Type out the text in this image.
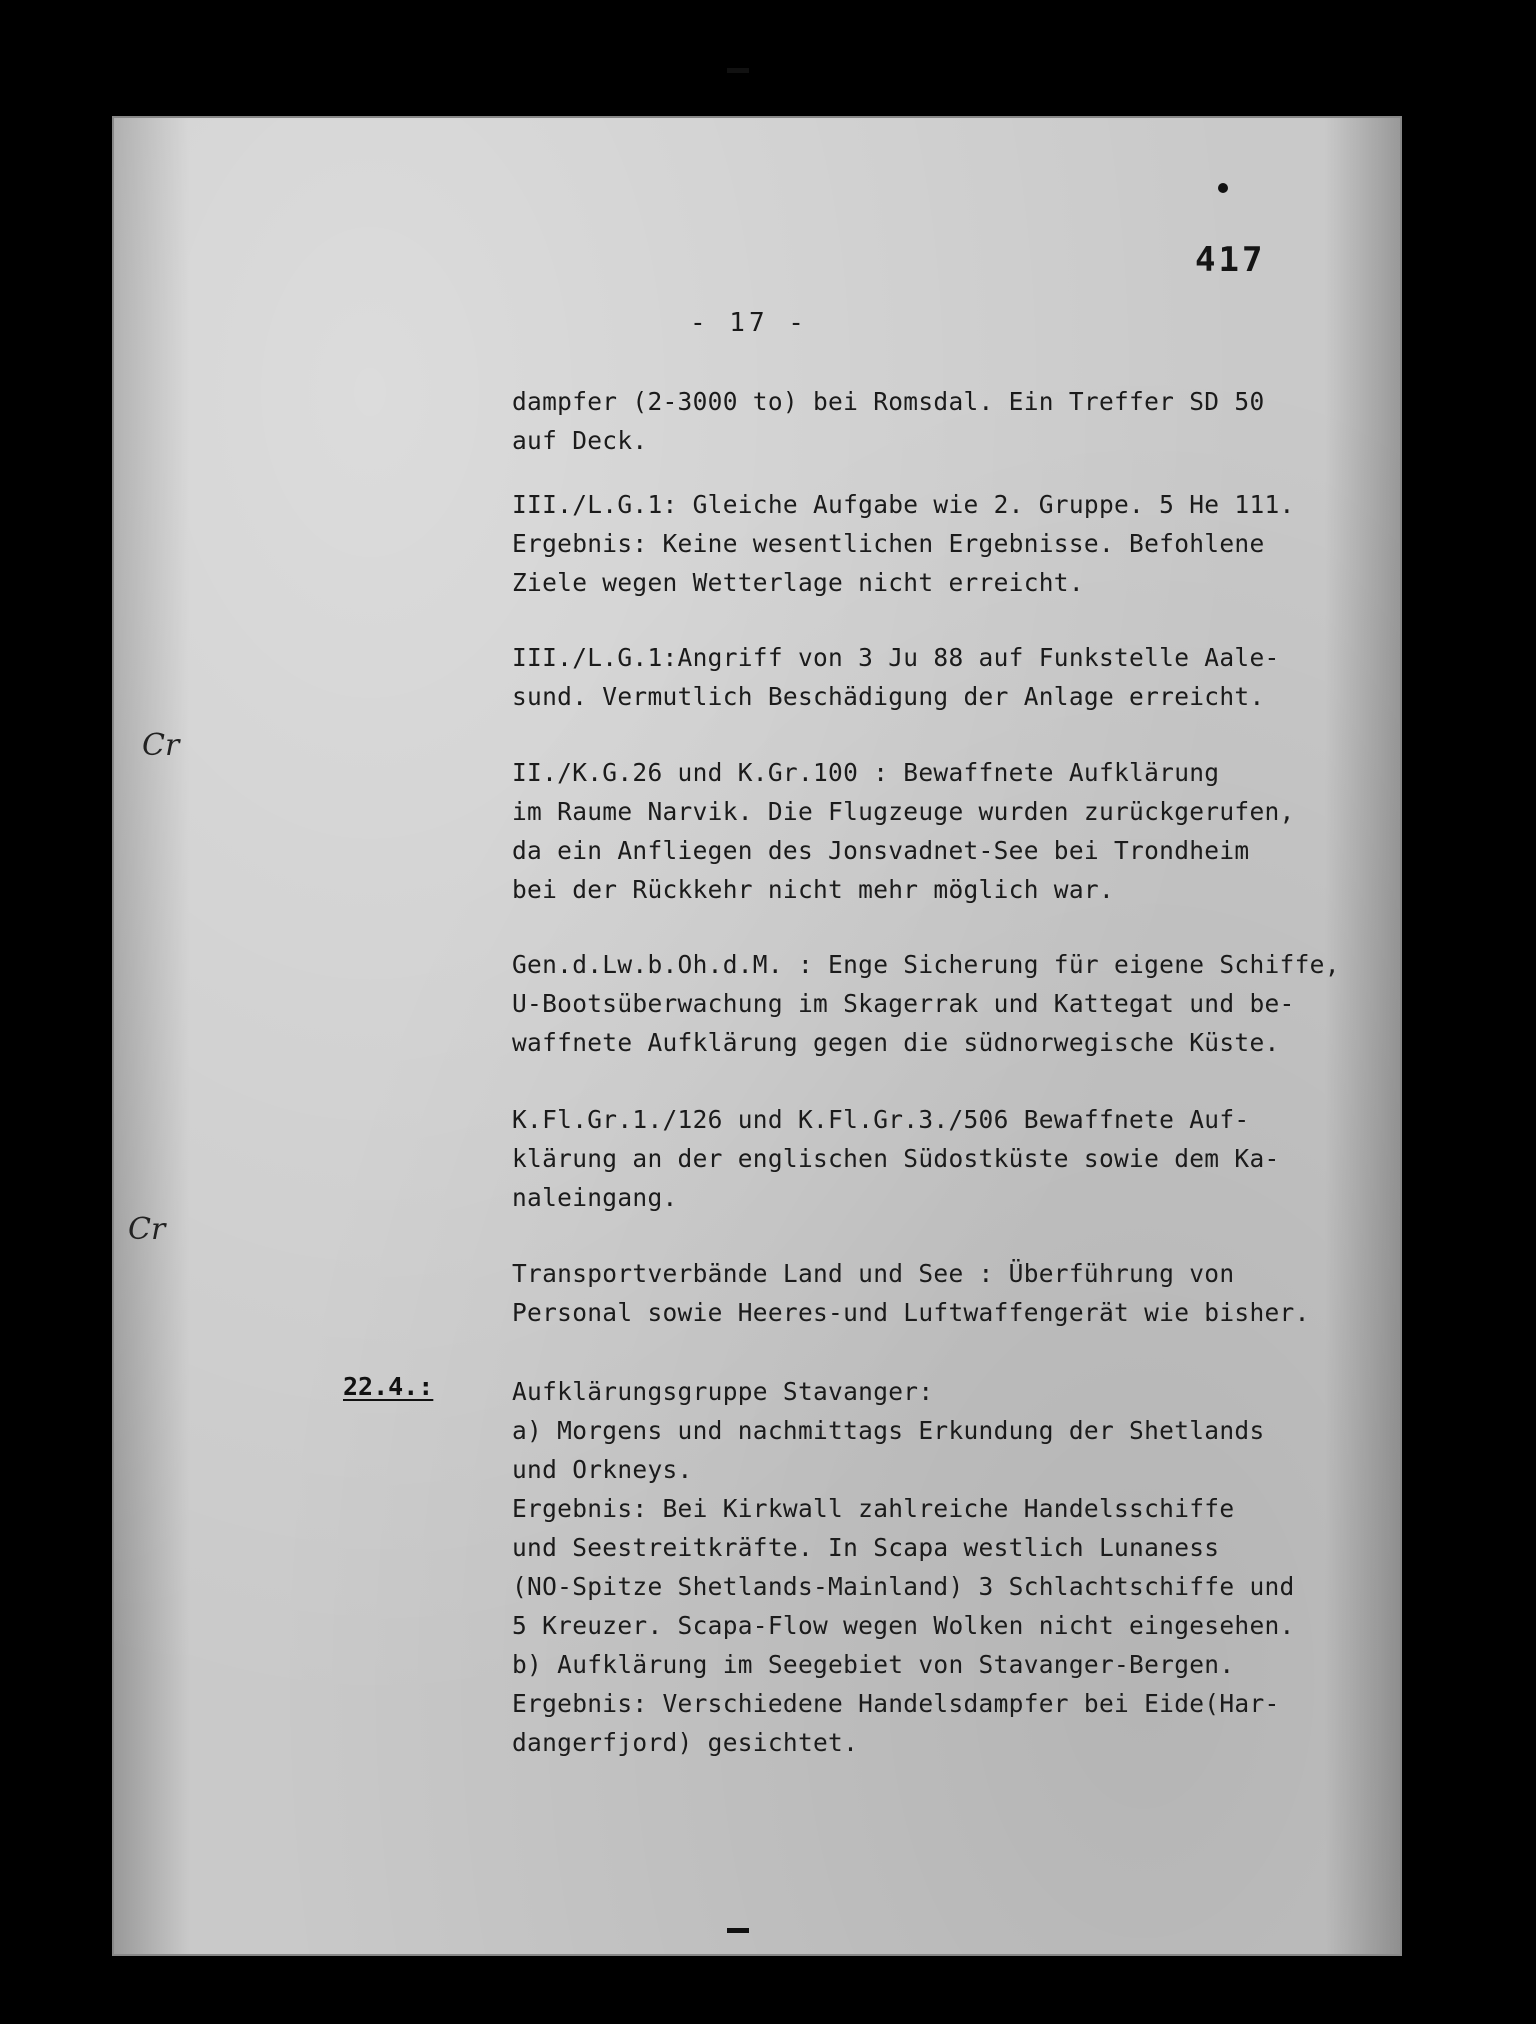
417
- 17 -
Cr
Cr
dampfer (2-3000 to) bei Romsdal. Ein Treffer SD 50
auf Deck.
III./L.G.1: Gleiche Aufgabe wie 2. Gruppe. 5 He 111.
Ergebnis: Keine wesentlichen Ergebnisse. Befohlene
Ziele wegen Wetterlage nicht erreicht.
III./L.G.1:Angriff von 3 Ju 88 auf Funkstelle Aale-
sund. Vermutlich Beschädigung der Anlage erreicht.
II./K.G.26 und K.Gr.100 : Bewaffnete Aufklärung
im Raume Narvik. Die Flugzeuge wurden zurückgerufen,
da ein Anfliegen des Jonsvadnet-See bei Trondheim
bei der Rückkehr nicht mehr möglich war.
Gen.d.Lw.b.Oh.d.M. : Enge Sicherung für eigene Schiffe,
U-Bootsüberwachung im Skagerrak und Kattegat und be-
waffnete Aufklärung gegen die südnorwegische Küste.
K.Fl.Gr.1./126 und K.Fl.Gr.3./506 Bewaffnete Auf-
klärung an der englischen Südostküste sowie dem Ka-
naleingang.
Transportverbände Land und See : Überführung von
Personal sowie Heeres-und Luftwaffengerät wie bisher.
22.4.:	Aufklärungsgruppe Stavanger:
a) Morgens und nachmittags Erkundung der Shetlands
und Orkneys.
Ergebnis: Bei Kirkwall zahlreiche Handelsschiffe
und Seestreitkräfte. In Scapa westlich Lunaness
(NO-Spitze Shetlands-Mainland) 3 Schlachtschiffe und
5 Kreuzer. Scapa-Flow wegen Wolken nicht eingesehen.
b) Aufklärung im Seegebiet von Stavanger-Bergen.
Ergebnis: Verschiedene Handelsdampfer bei Eide(Har-
dangerfjord) gesichtet.
